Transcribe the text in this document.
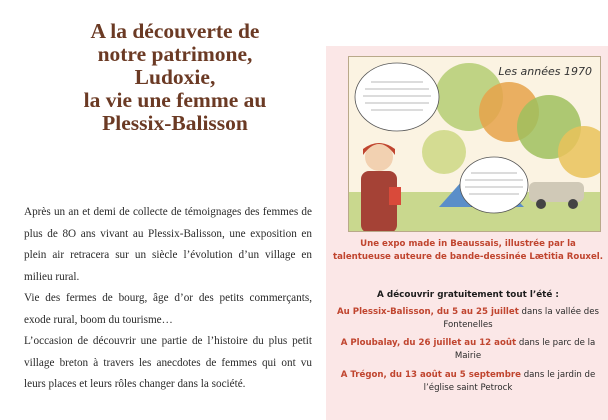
A la découverte de
notre patrimone,
Ludoxie,
la vie une femme au
Plessix-Balisson

Après un an et demi de collecte de témoignages des femmes de plus de 8O ans vivant au Plessix-Balisson, une exposition en plein air retracera sur un siècle l’évolution d’un village en milieu rural.

Vie des fermes de bourg, âge d’or des petits commerçants, exode rural, boom du tourisme…

L’occasion de découvrir une partie de l’histoire du plus petit village breton à travers les anecdotes de femmes qui ont vu leurs places et leurs rôles changer dans la société.

Les années 1970
Une expo made in Beaussais, illustrée par la talentueuse auteure de bande-dessinée Lætitia Rouxel.
A découvrir gratuitement tout l’été :
Au Plessix-Balisson, du 5 au 25 juillet dans la vallée des Fontenelles
A Ploubalay, du 26 juillet au 12 août dans le parc de la Mairie
A Trégon, du 13 août au 5 septembre dans le jardin de l’église saint Petrock
